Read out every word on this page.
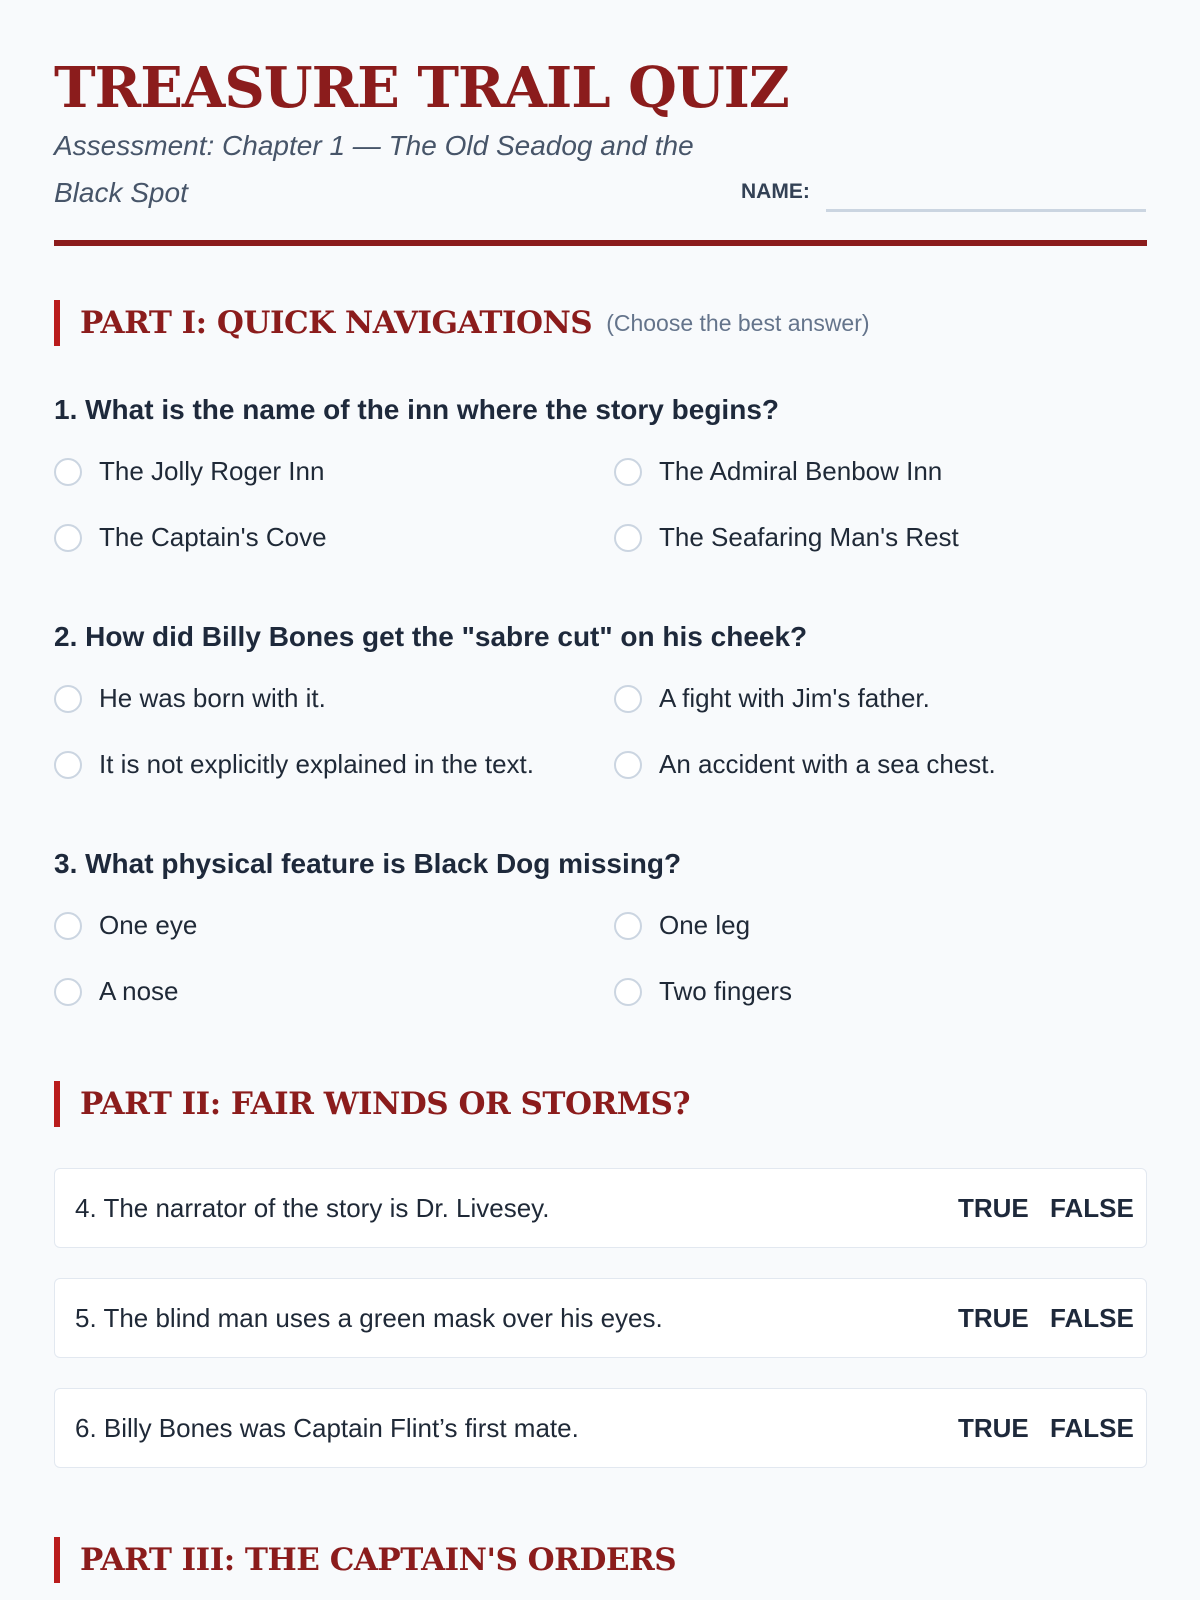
TREASURE TRAIL QUIZ
Assessment: Chapter 1 — The Old Seadog and the Black Spot	NAME:
PART I: QUICK NAVIGATIONS (Choose the best answer)
1. What is the name of the inn where the story begins?
The Jolly Roger Inn	The Admiral Benbow Inn
The Captain's Cove	The Seafaring Man's Rest
2. How did Billy Bones get the "sabre cut" on his cheek?
He was born with it.	A fight with Jim's father.
It is not explicitly explained in the text.	An accident with a sea chest.
3. What physical feature is Black Dog missing?
One eye	One leg
A nose	Two fingers
PART II: FAIR WINDS OR STORMS?
4. The narrator of the story is Dr. Livesey.	TRUE FALSE
5. The blind man uses a green mask over his eyes.	TRUE FALSE
6. Billy Bones was Captain Flint’s first mate.	TRUE FALSE
PART III: THE CAPTAIN'S ORDERS
